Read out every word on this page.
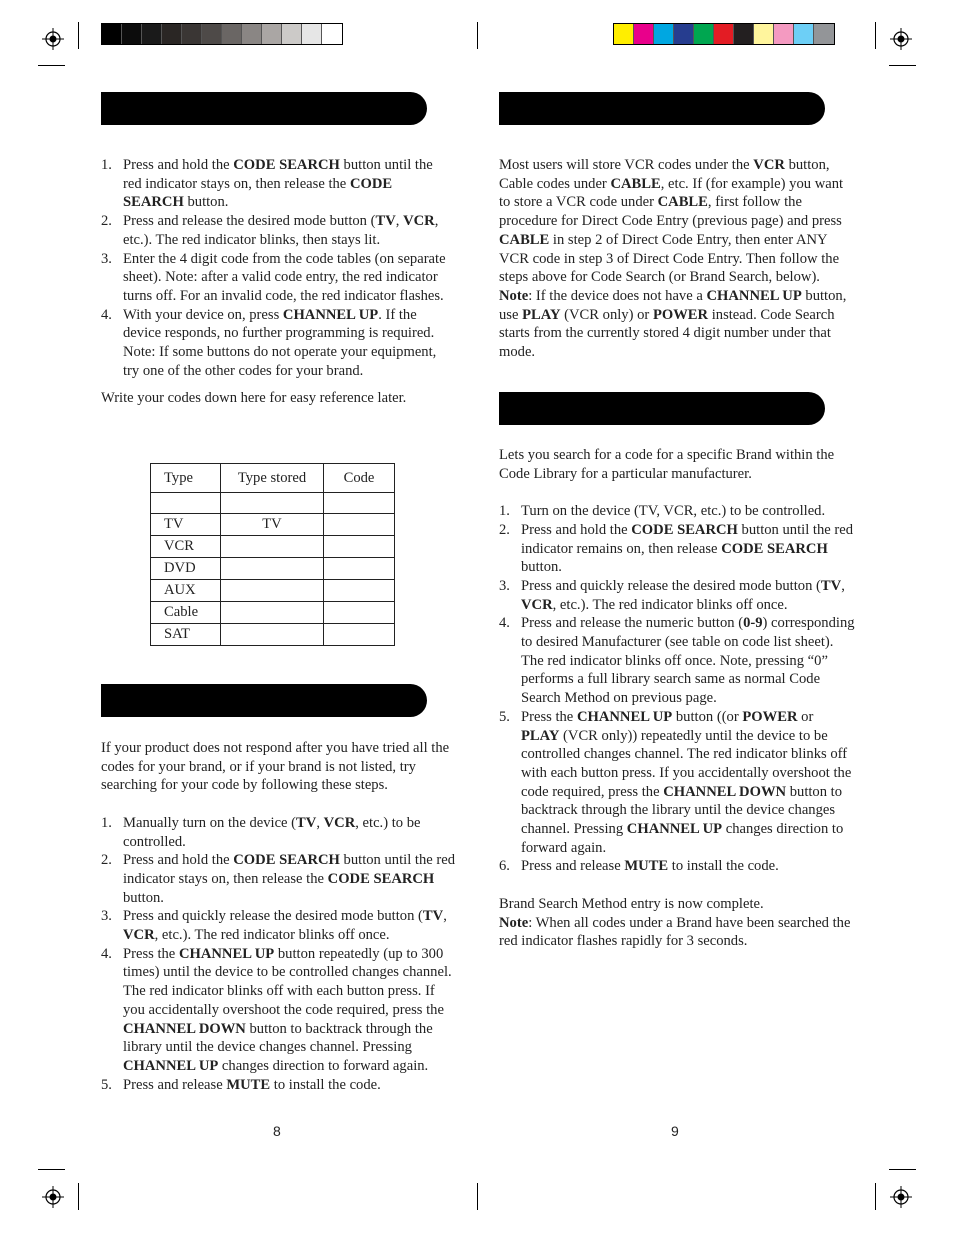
1. Press and hold the CODE SEARCH button until the red indicator stays on, then release the CODE SEARCH button.
2. Press and release the desired mode button (TV, VCR, etc.). The red indicator blinks, then stays lit.
3. Enter the 4 digit code from the code tables (on separate sheet). Note: after a valid code entry, the red indicator turns off. For an invalid code, the red indicator flashes.
4. With your device on, press CHANNEL UP. If the device responds, no further programming is required. Note: If some buttons do not operate your equipment, try one of the other codes for your brand.

Write your codes down here for easy reference later.

Type	Type stored	Code

TV	TV	
VCR		
DVD		
AUX		
Cable		
SAT		

If your product does not respond after you have tried all the codes for your brand, or if your brand is not listed, try searching for your code by following these steps.

1. Manually turn on the device (TV, VCR, etc.) to be controlled.
2. Press and hold the CODE SEARCH button until the red indicator stays on, then release the CODE SEARCH button.
3. Press and quickly release the desired mode button (TV, VCR, etc.). The red indicator blinks off once.
4. Press the CHANNEL UP button repeatedly (up to 300 times) until the device to be controlled changes channel. The red indicator blinks off with each button press. If you accidentally overshoot the code required, press the CHANNEL DOWN button to backtrack through the library until the device changes channel. Pressing CHANNEL UP changes direction to forward again.
5. Press and release MUTE to install the code.
8

Most users will store VCR codes under the VCR button, Cable codes under CABLE, etc. If (for example) you want to store a VCR code under CABLE, first follow the procedure for Direct Code Entry (previous page) and press CABLE in step 2 of Direct Code Entry, then enter ANY VCR code in step 3 of Direct Code Entry. Then follow the steps above for Code Search (or Brand Search, below). Note: If the device does not have a CHANNEL UP button, use PLAY (VCR only) or POWER instead. Code Search starts from the currently stored 4 digit number under that mode.

Lets you search for a code for a specific Brand within the Code Library for a particular manufacturer.

1. Turn on the device (TV, VCR, etc.) to be controlled.
2. Press and hold the CODE SEARCH button until the red indicator remains on, then release CODE SEARCH button.
3. Press and quickly release the desired mode button (TV, VCR, etc.). The red indicator blinks off once.
4. Press and release the numeric button (0-9) corresponding to desired Manufacturer (see table on code list sheet). The red indicator blinks off once. Note, pressing “0” performs a full library search same as normal Code Search Method on previous page.
5. Press the CHANNEL UP button ((or POWER or PLAY (VCR only)) repeatedly until the device to be controlled changes channel. The red indicator blinks off with each button press. If you accidentally overshoot the code required, press the CHANNEL DOWN button to backtrack through the library until the device changes channel. Pressing CHANNEL UP changes direction to forward again.
6. Press and release MUTE to install the code.

Brand Search Method entry is now complete.

Note: When all codes under a Brand have been searched the red indicator flashes rapidly for 3 seconds.

9
